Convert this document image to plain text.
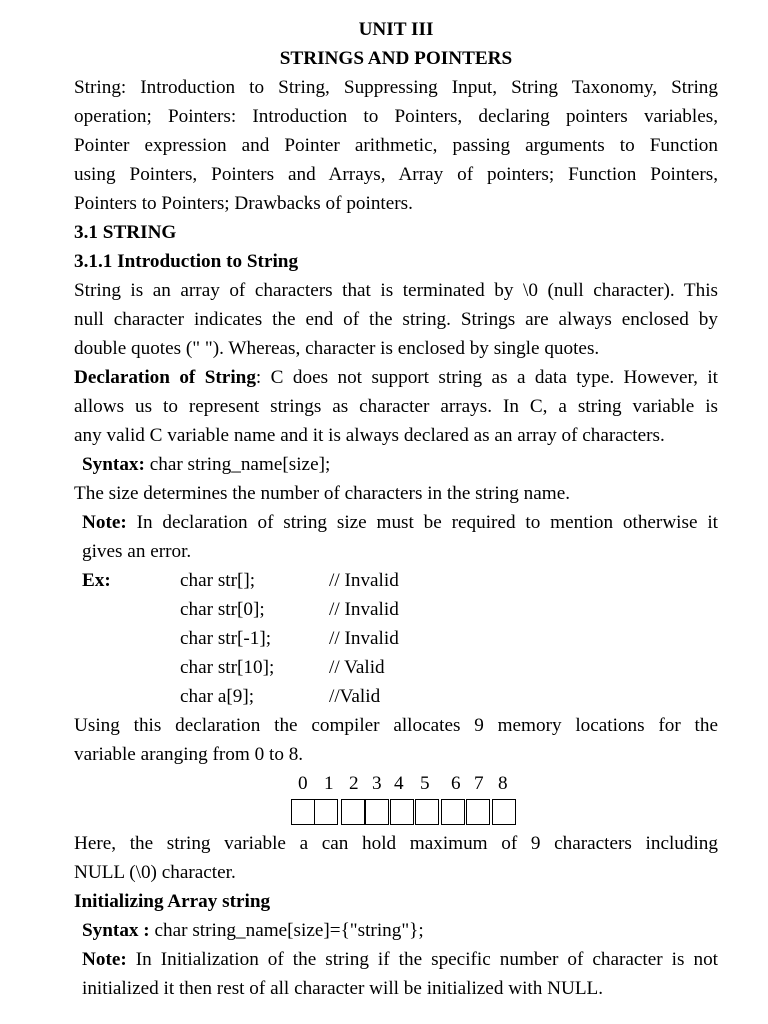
UNIT III
STRINGS AND POINTERS
String: Introduction to String, Suppressing Input, String Taxonomy, String
operation; Pointers: Introduction to Pointers, declaring pointers variables,
Pointer expression and Pointer arithmetic, passing arguments to Function
using Pointers, Pointers and Arrays, Array of pointers; Function Pointers,
Pointers to Pointers; Drawbacks of pointers.
3.1 STRING
3.1.1 Introduction to String
String is an array of characters that is terminated by \0 (null character). This
null character indicates the end of the string. Strings are always enclosed by
double quotes (" "). Whereas, character is enclosed by single quotes.
Declaration of String: C does not support string as a data type. However, it
allows us to represent strings as character arrays. In C, a string variable is
any valid C variable name and it is always declared as an array of characters.
Syntax: char string_name[size];
The size determines the number of characters in the string name.
Note: In declaration of string size must be required to mention otherwise it
gives an error.
Ex:	char str[];	// Invalid
char str[0];	// Invalid
char str[-1];	// Invalid
char str[10];	// Valid
char a[9];	//Valid
Using this declaration the compiler allocates 9 memory locations for the
variable aranging from 0 to 8.
0 1 2 3 4 5 6 7 8
Here, the string variable a can hold maximum of 9 characters including
NULL (\0) character.
Initializing Array string
Syntax : char string_name[size]={"string"};
Note: In Initialization of the string if the specific number of character is not
initialized it then rest of all character will be initialized with NULL.
